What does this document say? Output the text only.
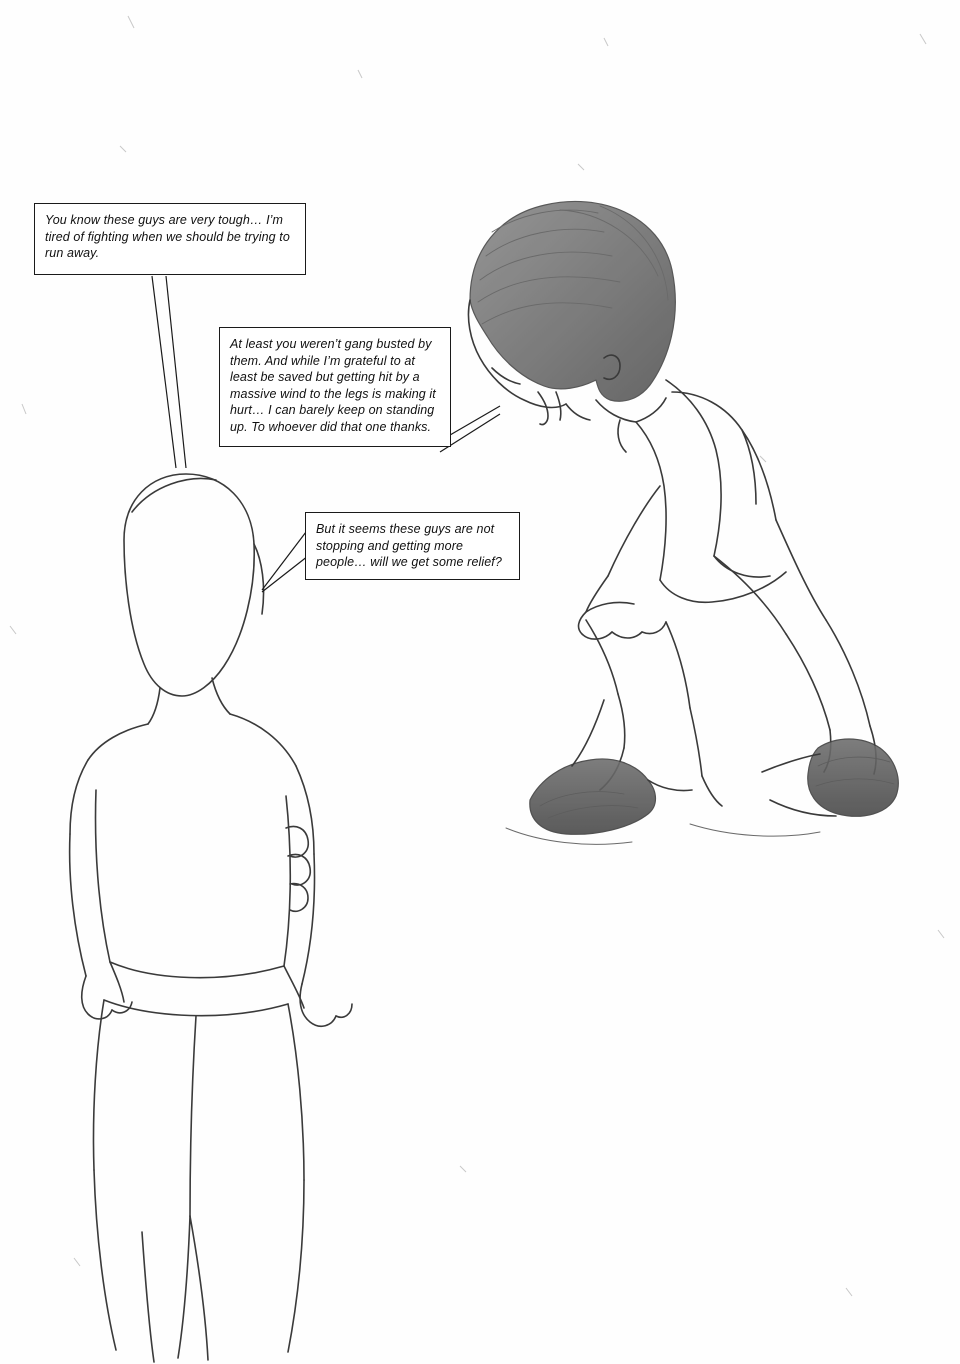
You know these guys are very tough… I’m tired of fighting when we should be trying to run away.
At least you weren’t gang busted by them. And while I’m grateful to at least be saved but getting hit by a massive wind to the legs is making it hurt… I can barely keep on standing up. To whoever did that one thanks.
But it seems these guys are not stopping and getting more people… will we get some relief?
